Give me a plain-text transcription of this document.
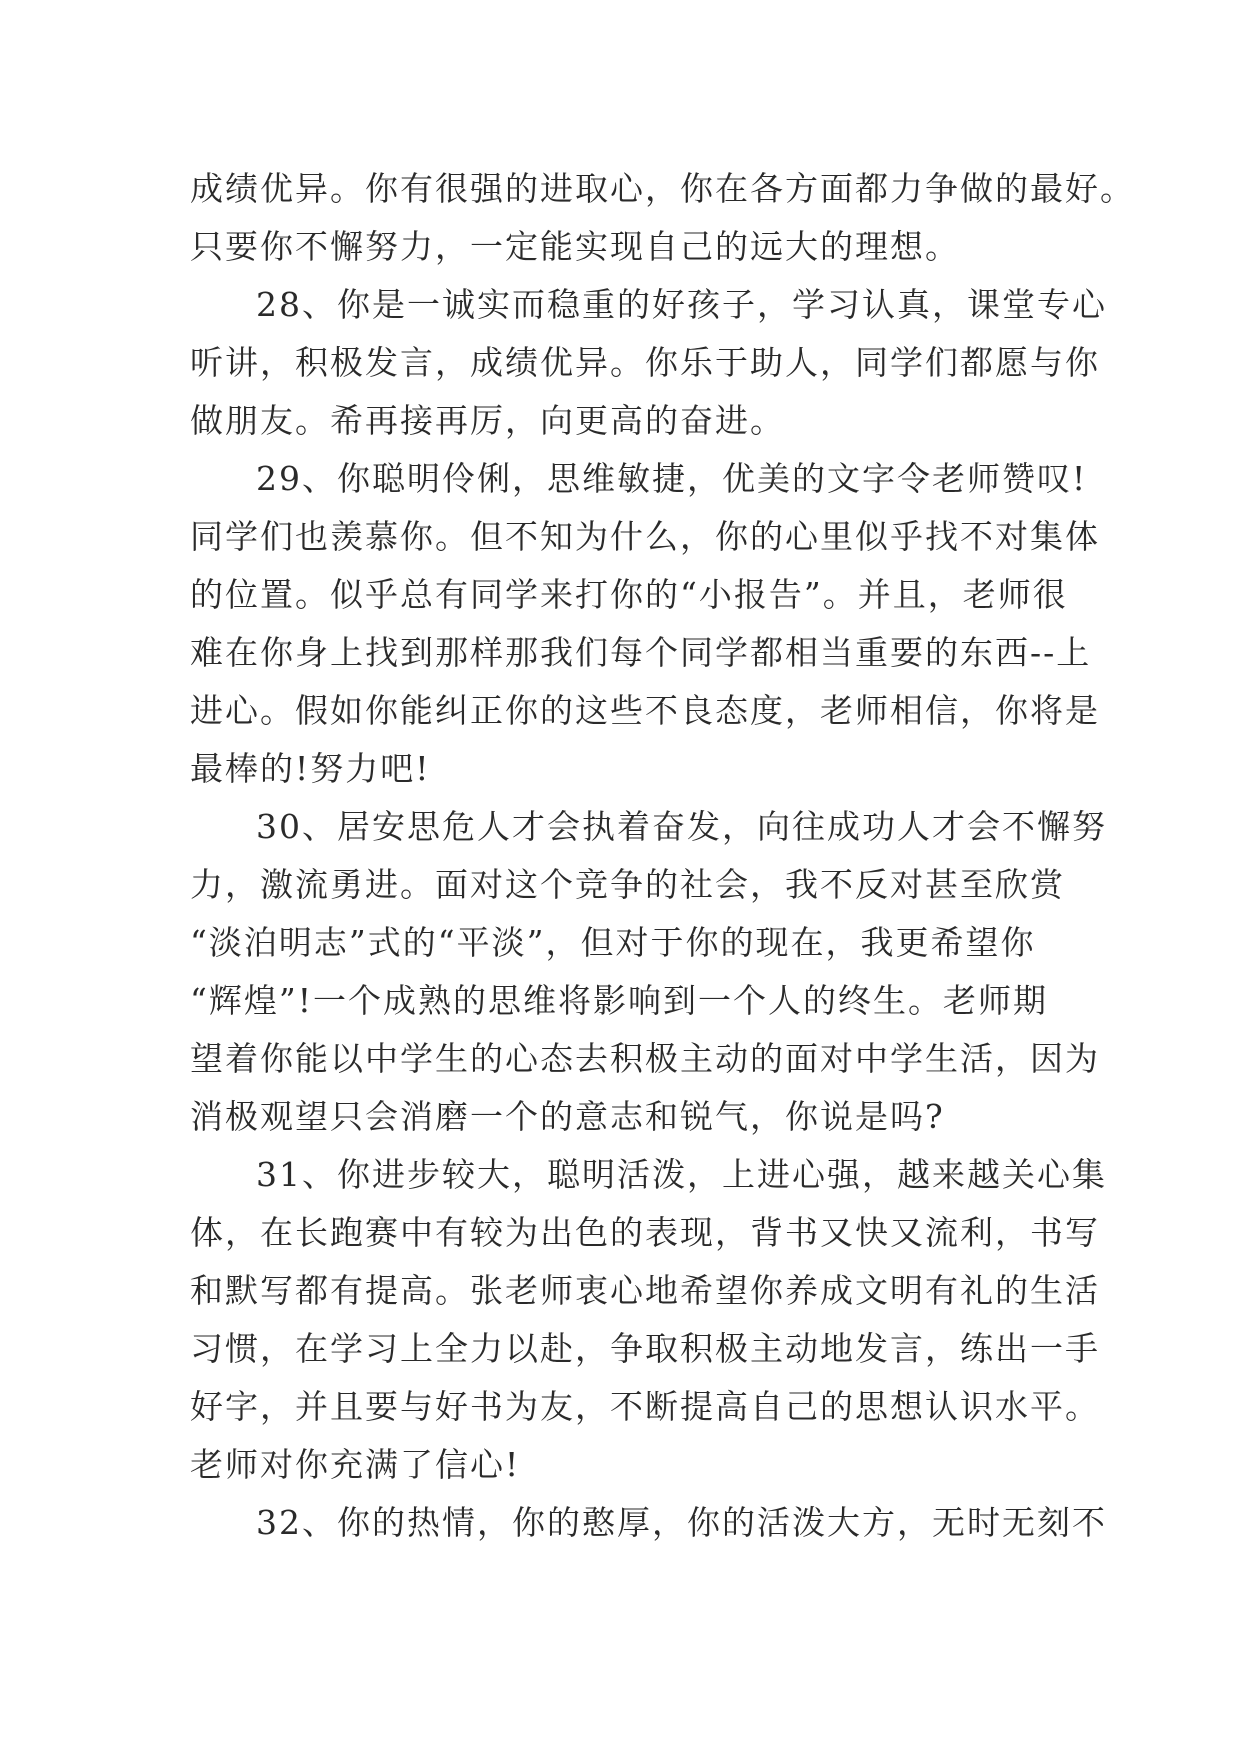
成绩优异。你有很强的进取心，你在各方面都力争做的最好。
只要你不懈努力，一定能实现自己的远大的理想。
28、你是一诚实而稳重的好孩子，学习认真，课堂专心
听讲，积极发言，成绩优异。你乐于助人，同学们都愿与你
做朋友。希再接再厉，向更高的奋进。
29、你聪明伶俐，思维敏捷，优美的文字令老师赞叹!
同学们也羡慕你。但不知为什么，你的心里似乎找不对集体
的位置。似乎总有同学来打你的“小报告”。并且，老师很
难在你身上找到那样那我们每个同学都相当重要的东西--上
进心。假如你能纠正你的这些不良态度，老师相信，你将是
最棒的!努力吧!
30、居安思危人才会执着奋发，向往成功人才会不懈努
力，激流勇进。面对这个竞争的社会，我不反对甚至欣赏
“淡泊明志”式的“平淡”，但对于你的现在，我更希望你
“辉煌”!一个成熟的思维将影响到一个人的终生。老师期
望着你能以中学生的心态去积极主动的面对中学生活，因为
消极观望只会消磨一个的意志和锐气，你说是吗?
31、你进步较大，聪明活泼，上进心强，越来越关心集
体，在长跑赛中有较为出色的表现，背书又快又流利，书写
和默写都有提高。张老师衷心地希望你养成文明有礼的生活
习惯，在学习上全力以赴，争取积极主动地发言，练出一手
好字，并且要与好书为友，不断提高自己的思想认识水平。
老师对你充满了信心!
32、你的热情，你的憨厚，你的活泼大方，无时无刻不
